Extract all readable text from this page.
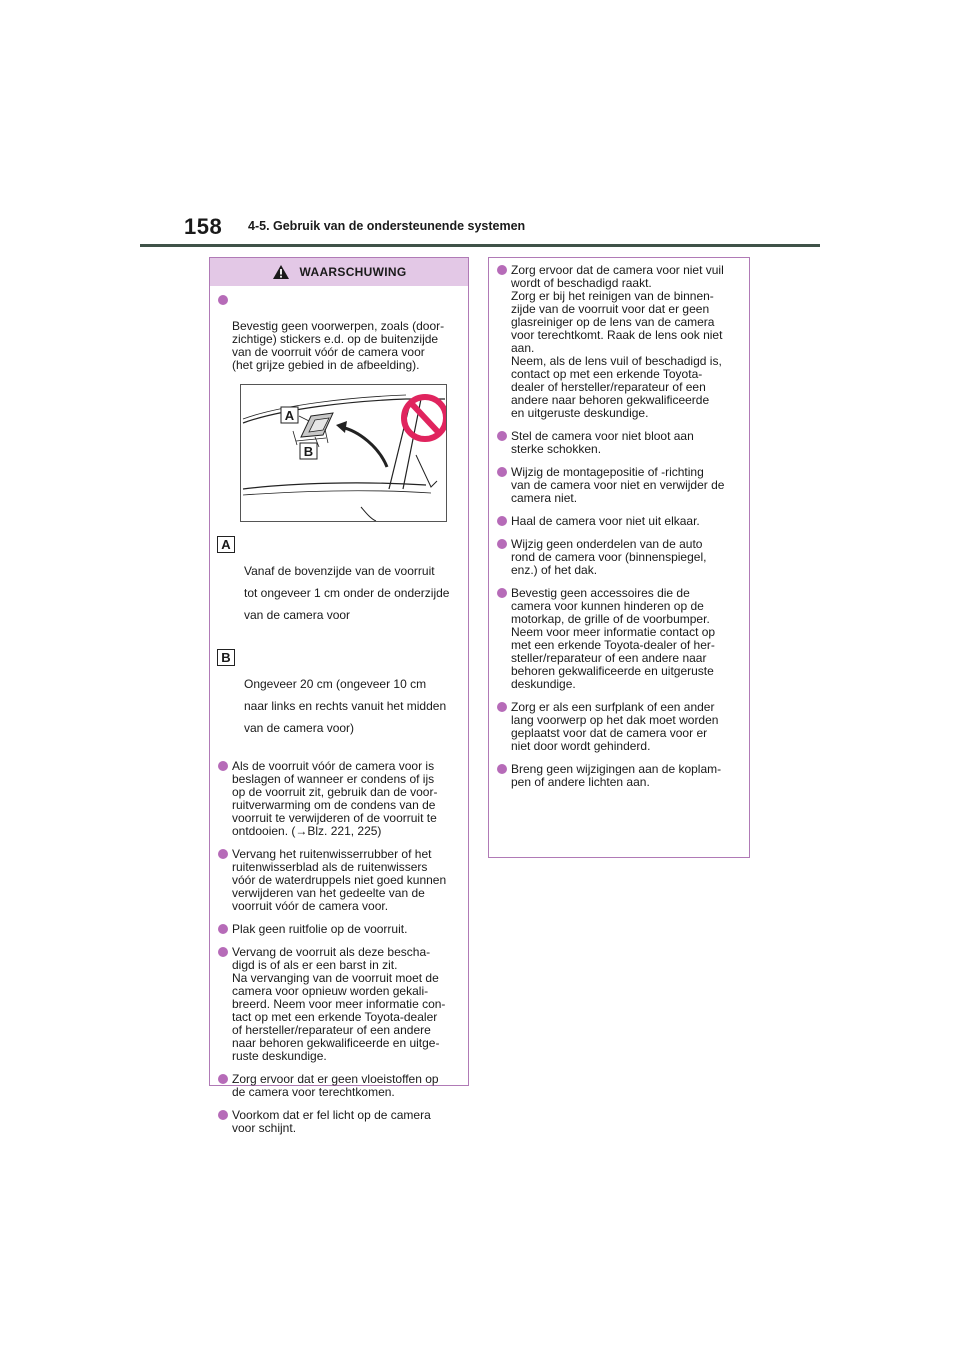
158 4-5. Gebruik van de ondersteunende systemen
WAARSCHUWING

Bevestig geen voorwerpen, zoals (door-
zichtige) stickers e.d. op de buitenzijde
van de voorruit vóór de camera voor
(het grijze gebied in de afbeelding).

A
B

A

Vanaf de bovenzijde van de voorruit
tot ongeveer 1 cm onder de onderzijde
van de camera voor

B

Ongeveer 20 cm (ongeveer 10 cm
naar links en rechts vanuit het midden
van de camera voor)

Als de voorruit vóór de camera voor is
beslagen of wanneer er condens of ijs
op de voorruit zit, gebruik dan de voor-
ruitverwarming om de condens van de
voorruit te verwijderen of de voorruit te
ontdooien. (→Blz. 221, 225)
Vervang het ruitenwisserrubber of het
ruitenwisserblad als de ruitenwissers
vóór de waterdruppels niet goed kunnen
verwijderen van het gedeelte van de
voorruit vóór de camera voor.
Plak geen ruitfolie op de voorruit.
Vervang de voorruit als deze bescha-
digd is of als er een barst in zit.
Na vervanging van de voorruit moet de
camera voor opnieuw worden gekali-
breerd. Neem voor meer informatie con-
tact op met een erkende Toyota-dealer
of hersteller/reparateur of een andere
naar behoren gekwalificeerde en uitge-
ruste deskundige.
Zorg ervoor dat er geen vloeistoffen op
de camera voor terechtkomen.
Voorkom dat er fel licht op de camera
voor schijnt.
Zorg ervoor dat de camera voor niet vuil
wordt of beschadigd raakt.
Zorg er bij het reinigen van de binnen-
zijde van de voorruit voor dat er geen
glasreiniger op de lens van de camera
voor terechtkomt. Raak de lens ook niet
aan.
Neem, als de lens vuil of beschadigd is,
contact op met een erkende Toyota-
dealer of hersteller/reparateur of een
andere naar behoren gekwalificeerde
en uitgeruste deskundige.
Stel de camera voor niet bloot aan
sterke schokken.
Wijzig de montagepositie of -richting
van de camera voor niet en verwijder de
camera niet.
Haal de camera voor niet uit elkaar.
Wijzig geen onderdelen van de auto
rond de camera voor (binnenspiegel,
enz.) of het dak.
Bevestig geen accessoires die de
camera voor kunnen hinderen op de
motorkap, de grille of de voorbumper.
Neem voor meer informatie contact op
met een erkende Toyota-dealer of her-
steller/reparateur of een andere naar
behoren gekwalificeerde en uitgeruste
deskundige.
Zorg er als een surfplank of een ander
lang voorwerp op het dak moet worden
geplaatst voor dat de camera voor er
niet door wordt gehinderd.
Breng geen wijzigingen aan de koplam-
pen of andere lichten aan.
